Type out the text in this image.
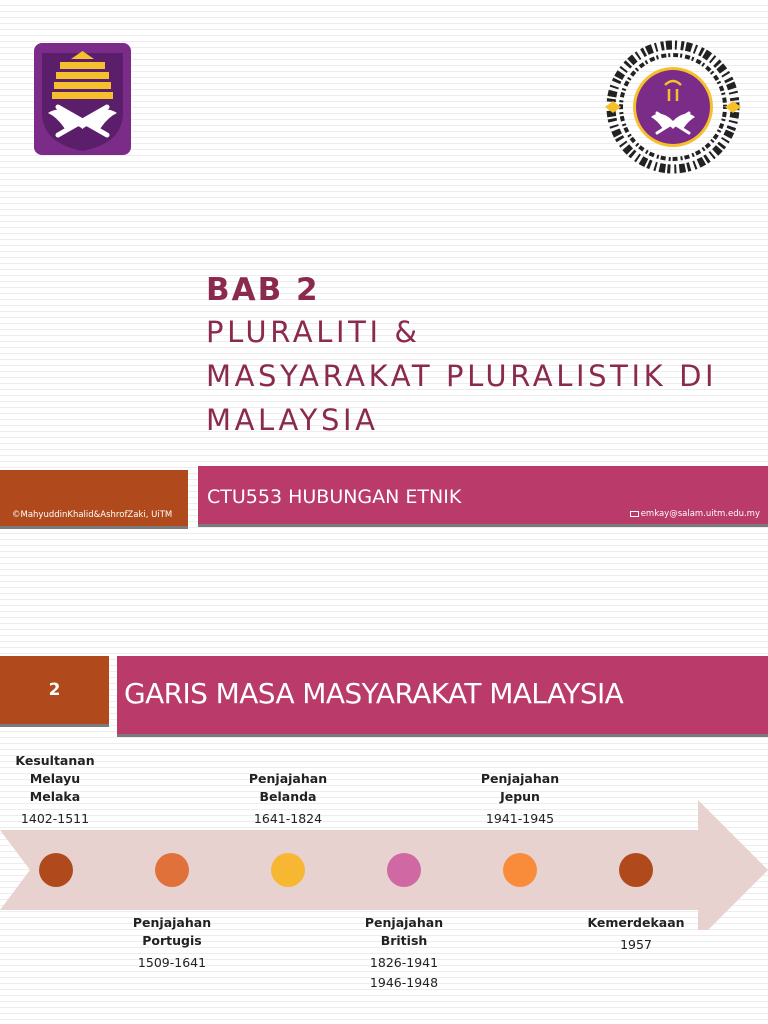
BAB 2
PLURALITI &
MASYARAKAT PLURALISTIK DI
MALAYSIA
CTU553 HUBUNGAN ETNIK
©MahyuddinKhalid&AshrofZaki, UiTM	emkay@salam.uitm.edu.my
2	GARIS MASA MASYARAKAT MALAYSIA
Kesultanan
Melayu
Melaka
1402-1511
Penjajahan
Belanda
1641-1824
Penjajahan
Jepun
1941-1945
Penjajahan
Portugis
1509-1641
Penjajahan
British
1826-1941
1946-1948
Kemerdekaan
1957
